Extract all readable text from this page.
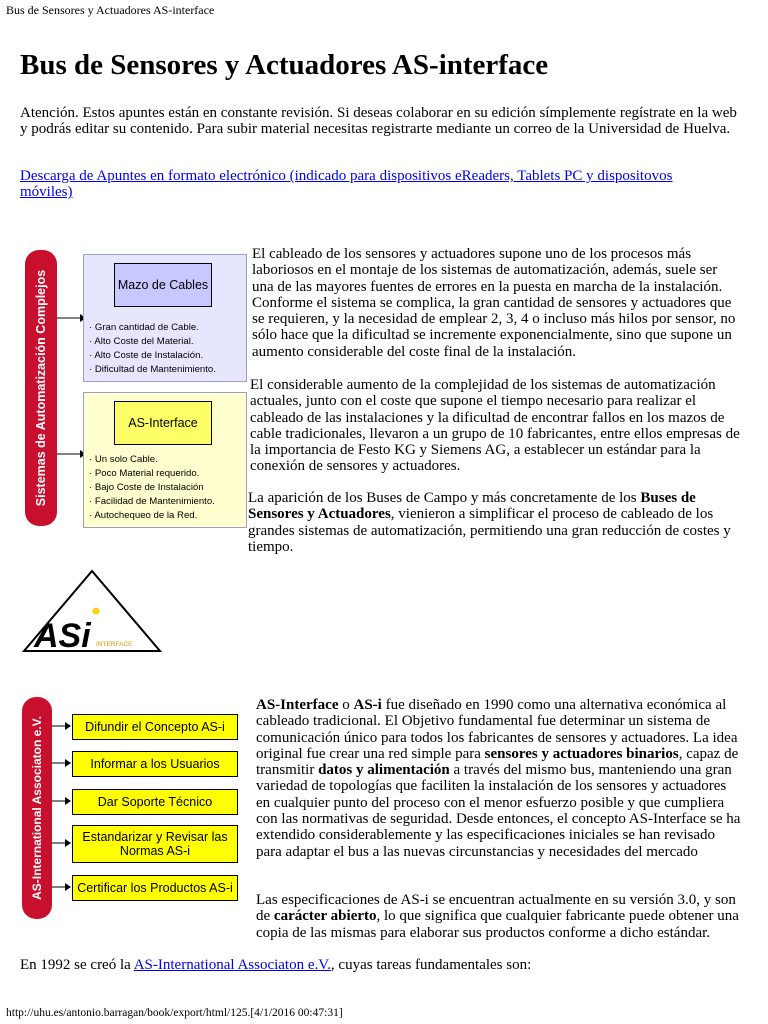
Bus de Sensores y Actuadores AS-interface
Bus de Sensores y Actuadores AS-interface

Atención. Estos apuntes están en constante revisión. Si deseas colaborar en su edición símplemente regístrate en la web y podrás editar su contenido. Para subir material necesitas registrarte mediante un correo de la Universidad de Huelva.

Descarga de Apuntes en formato electrónico (indicado para dispositivos eReaders, Tablets PC y dispositovos móviles)

Sistemas de Automatización Complejos	Mazo de Cables
· Gran cantidad de Cable.
· Alto Coste del Material.
· Alto Coste de Instalación.
· Dificultad de Mantenimiento.
AS-Interface
· Un solo Cable.
· Poco Material requerido.
· Bajo Coste de Instalación
· Facilidad de Mantenimiento.
· Autochequeo de la Red.

El cableado de los sensores y actuadores supone uno de los procesos más laboriosos en el montaje de los sistemas de automatización, además, suele ser una de las mayores fuentes de errores en la puesta en marcha de la instalación. Conforme el sistema se complica, la gran cantidad de sensores y actuadores que se requieren, y la necesidad de emplear 2, 3, 4 o incluso más hilos por sensor, no sólo hace que la dificultad se incremente exponencialmente, sino que supone un aumento considerable del coste final de la instalación.

El considerable aumento de la complejidad de los sistemas de automatización actuales, junto con el coste que supone el tiempo necesario para realizar el cableado de las instalaciones y la dificultad de encontrar fallos en los mazos de cable tradicionales, llevaron a un grupo de 10 fabricantes, entre ellos empresas de la importancia de Festo KG y Siemens AG, a establecer un estándar para la conexión de sensores y actuadores.

La aparición de los Buses de Campo y más concretamente de los Buses de Sensores y Actuadores, vienieron a simplificar el proceso de cableado de los grandes sistemas de automatización, permitiendo una gran reducción de costes y tiempo.

ASi INTERFACE
AS-International Associaton e.V.	Difundir el Concepto AS-i
Informar a los Usuarios
Dar Soporte Técnico
Estandarizar y Revisar las Normas AS-i
Certificar los Productos AS-i

AS-Interface o AS-i fue diseñado en 1990 como una alternativa económica al cableado tradicional. El Objetivo fundamental fue determinar un sistema de comunicación único para todos los fabricantes de sensores y actuadores. La idea original fue crear una red simple para sensores y actuadores binarios, capaz de transmitir datos y alimentación a través del mismo bus, manteniendo una gran variedad de topologías que faciliten la instalación de los sensores y actuadores en cualquier punto del proceso con el menor esfuerzo posible y que cumpliera con las normativas de seguridad. Desde entonces, el concepto AS-Interface se ha extendido considerablemente y las especificaciones iniciales se han revisado para adaptar el bus a las nuevas circunstancias y necesidades del mercado

Las especificaciones de AS-i se encuentran actualmente en su versión 3.0, y son de carácter abierto, lo que significa que cualquier fabricante puede obtener una copia de las mismas para elaborar sus productos conforme a dicho estándar.

En 1992 se creó la AS-International Associaton e.V., cuyas tareas fundamentales son:

http://uhu.es/antonio.barragan/book/export/html/125.[4/1/2016 00:47:31]
